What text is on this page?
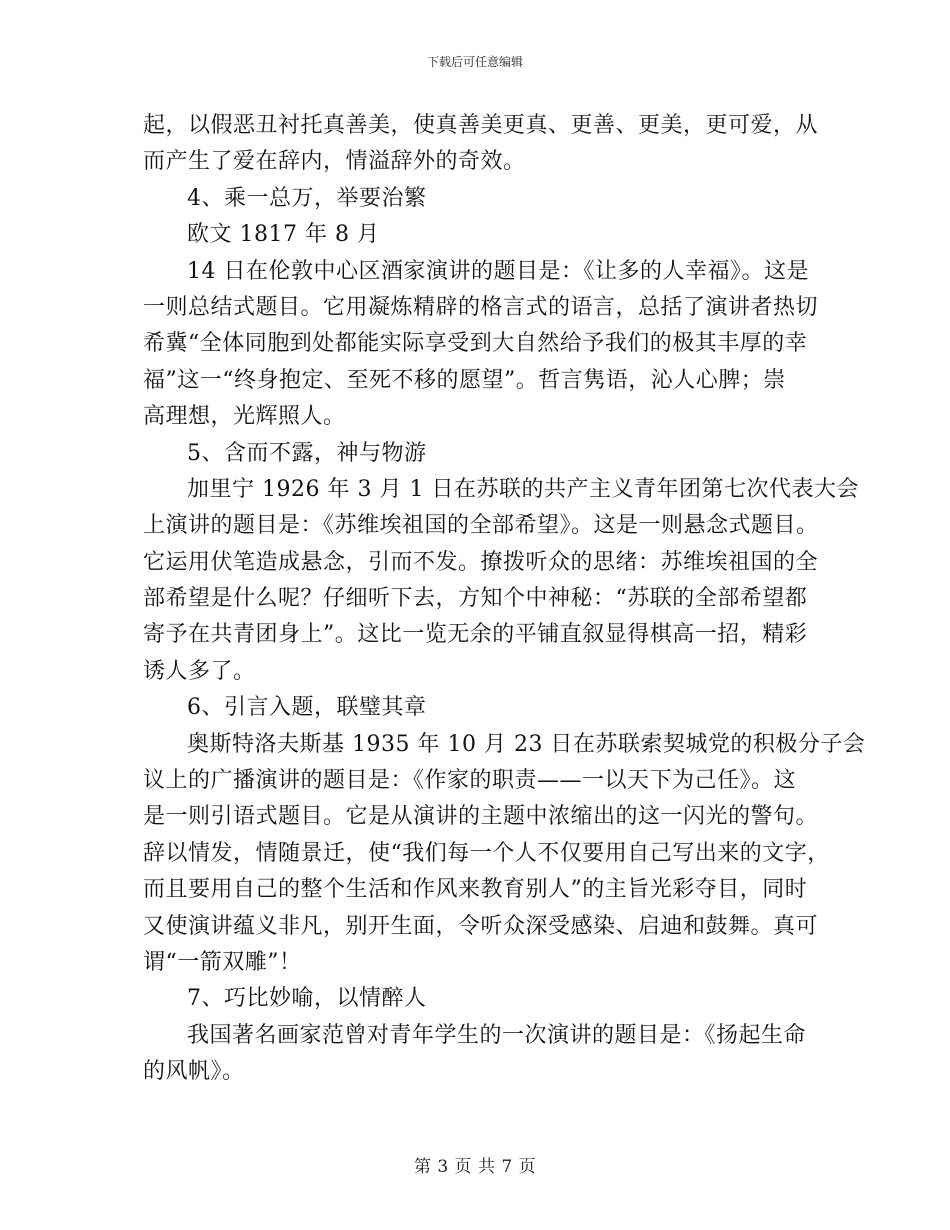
下载后可任意编辑
起，以假恶丑衬托真善美，使真善美更真、更善、更美，更可爱，从
而产生了爱在辞内，情溢辞外的奇效。
4、乘一总万，举要治繁
欧文 1817 年 8 月
14 日在伦敦中心区酒家演讲的题目是：《让多的人幸福》。这是
一则总结式题目。它用凝炼精辟的格言式的语言，总括了演讲者热切
希冀“全体同胞到处都能实际享受到大自然给予我们的极其丰厚的幸
福”这一“终身抱定、至死不移的愿望”。哲言隽语，沁人心脾；崇
高理想，光辉照人。
5、含而不露，神与物游
加里宁 1926 年 3 月 1 日在苏联的共产主义青年团第七次代表大会
上演讲的题目是：《苏维埃祖国的全部希望》。这是一则悬念式题目。
它运用伏笔造成悬念，引而不发。撩拨听众的思绪：苏维埃祖国的全
部希望是什么呢？仔细听下去，方知个中神秘：“苏联的全部希望都
寄予在共青团身上”。这比一览无余的平铺直叙显得棋高一招，精彩
诱人多了。
6、引言入题，联璧其章
奥斯特洛夫斯基 1935 年 10 月 23 日在苏联索契城党的积极分子会
议上的广播演讲的题目是：《作家的职责——一以天下为己任》。这
是一则引语式题目。它是从演讲的主题中浓缩出的这一闪光的警句。
辞以情发，情随景迁，使“我们每一个人不仅要用自己写出来的文字，
而且要用自己的整个生活和作风来教育别人”的主旨光彩夺目，同时
又使演讲蕴义非凡，别开生面，令听众深受感染、启迪和鼓舞。真可
谓“一箭双雕”！
7、巧比妙喻，以情醉人
我国著名画家范曾对青年学生的一次演讲的题目是：《扬起生命
的风帆》。
第 3 页 共 7 页
